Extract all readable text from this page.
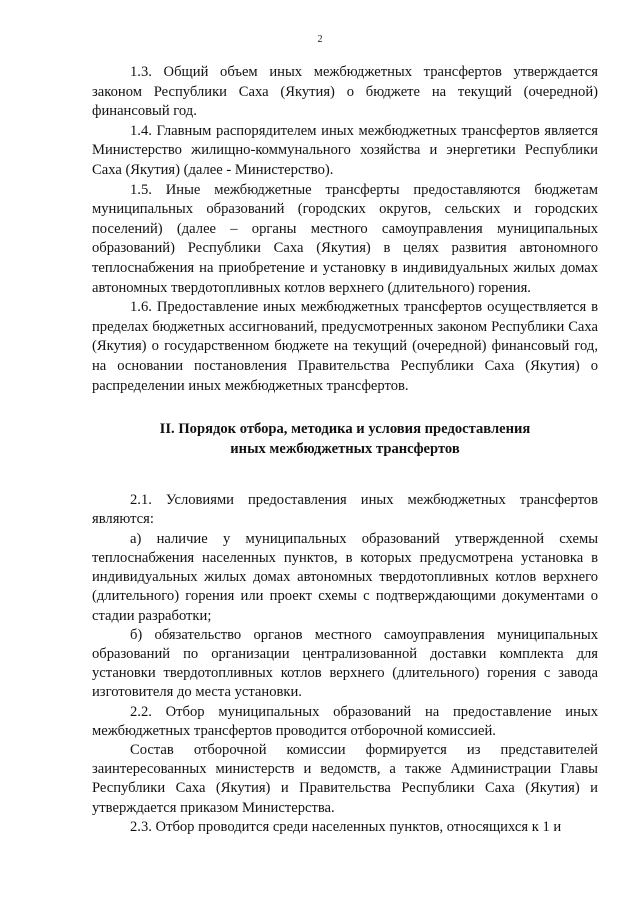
2

1.3. Общий объем иных межбюджетных трансфертов утверждается законом Республики Саха (Якутия) о бюджете на текущий (очередной) финансовый год.

1.4. Главным распорядителем иных межбюджетных трансфертов является Министерство жилищно-коммунального хозяйства и энергетики Республики Саха (Якутия) (далее - Министерство).

1.5. Иные межбюджетные трансферты предоставляются бюджетам муниципальных образований (городских округов, сельских и городских поселений) (далее – органы местного самоуправления муниципальных образований) Республики Саха (Якутия) в целях развития автономного теплоснабжения на приобретение и установку в индивидуальных жилых домах автономных твердотопливных котлов верхнего (длительного) горения.

1.6. Предоставление иных межбюджетных трансфертов осуществляется в пределах бюджетных ассигнований, предусмотренных законом Республики Саха (Якутия) о государственном бюджете на текущий (очередной) финансовый год, на основании постановления Правительства Республики Саха (Якутия) о распределении иных межбюджетных трансфертов.

II. Порядок отбора, методика и условия предоставления
иных межбюджетных трансфертов

2.1. Условиями предоставления иных межбюджетных трансфертов являются:

а) наличие у муниципальных образований утвержденной схемы теплоснабжения населенных пунктов, в которых предусмотрена установка в индивидуальных жилых домах автономных твердотопливных котлов верхнего (длительного) горения или проект схемы с подтверждающими документами о стадии разработки;

б) обязательство органов местного самоуправления муниципальных образований по организации централизованной доставки комплекта для установки твердотопливных котлов верхнего (длительного) горения с завода изготовителя до места установки.

2.2. Отбор муниципальных образований на предоставление иных межбюджетных трансфертов проводится отборочной комиссией.

Состав отборочной комиссии формируется из представителей заинтересованных министерств и ведомств, а также Администрации Главы Республики Саха (Якутия) и Правительства Республики Саха (Якутия) и утверждается приказом Министерства.

2.3. Отбор проводится среди населенных пунктов, относящихся к 1 и
